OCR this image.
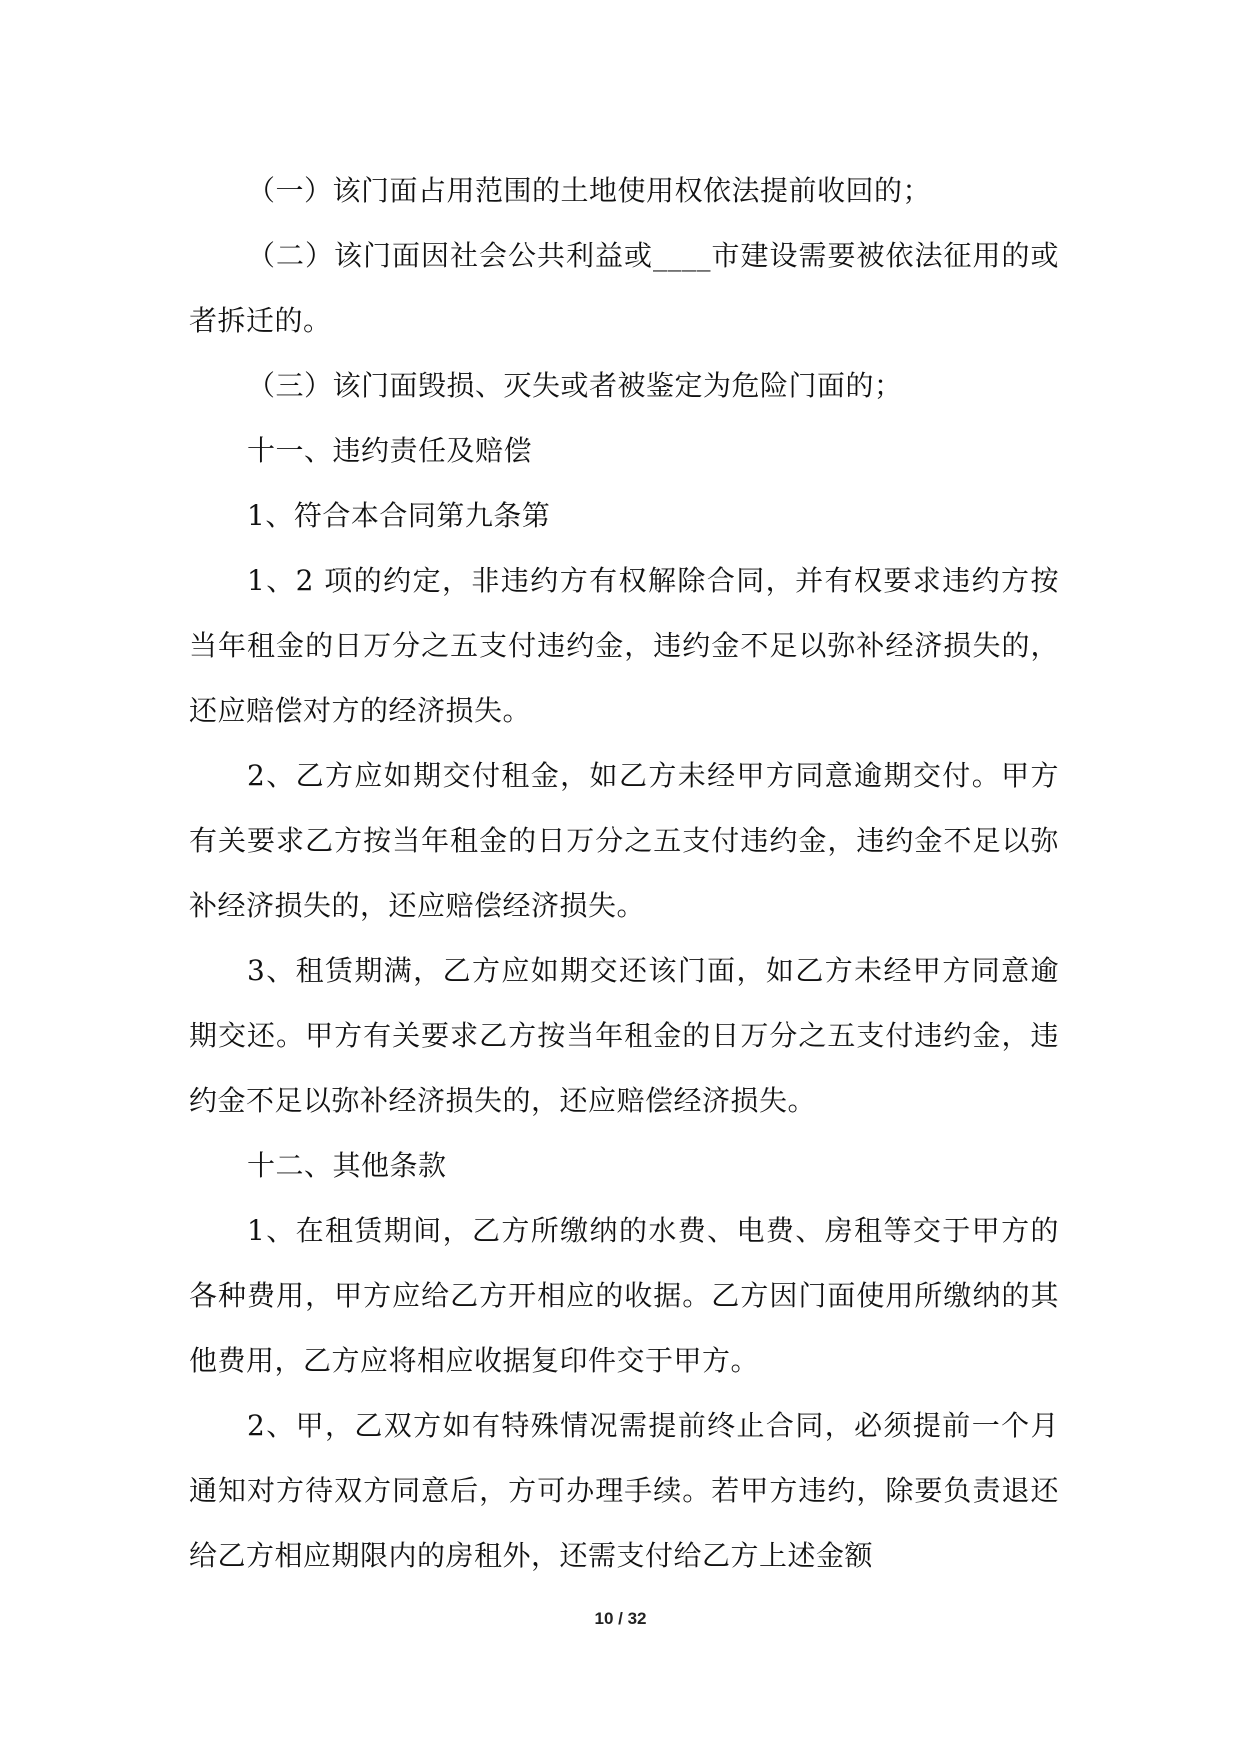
（一）该门面占用范围的土地使用权依法提前收回的；

（二）该门面因社会公共利益或____市建设需要被依法征用的或者拆迁的。

（三）该门面毁损、灭失或者被鉴定为危险门面的；

十一、违约责任及赔偿

1、符合本合同第九条第

1、2 项的约定，非违约方有权解除合同，并有权要求违约方按当年租金的日万分之五支付违约金，违约金不足以弥补经济损失的，还应赔偿对方的经济损失。

2、乙方应如期交付租金，如乙方未经甲方同意逾期交付。甲方有关要求乙方按当年租金的日万分之五支付违约金，违约金不足以弥补经济损失的，还应赔偿经济损失。

3、租赁期满，乙方应如期交还该门面，如乙方未经甲方同意逾期交还。甲方有关要求乙方按当年租金的日万分之五支付违约金，违约金不足以弥补经济损失的，还应赔偿经济损失。

十二、其他条款

1、在租赁期间，乙方所缴纳的水费、电费、房租等交于甲方的各种费用，甲方应给乙方开相应的收据。乙方因门面使用所缴纳的其他费用，乙方应将相应收据复印件交于甲方。

2、甲，乙双方如有特殊情况需提前终止合同，必须提前一个月通知对方待双方同意后，方可办理手续。若甲方违约，除要负责退还给乙方相应期限内的房租外，还需支付给乙方上述金额

10 / 32
